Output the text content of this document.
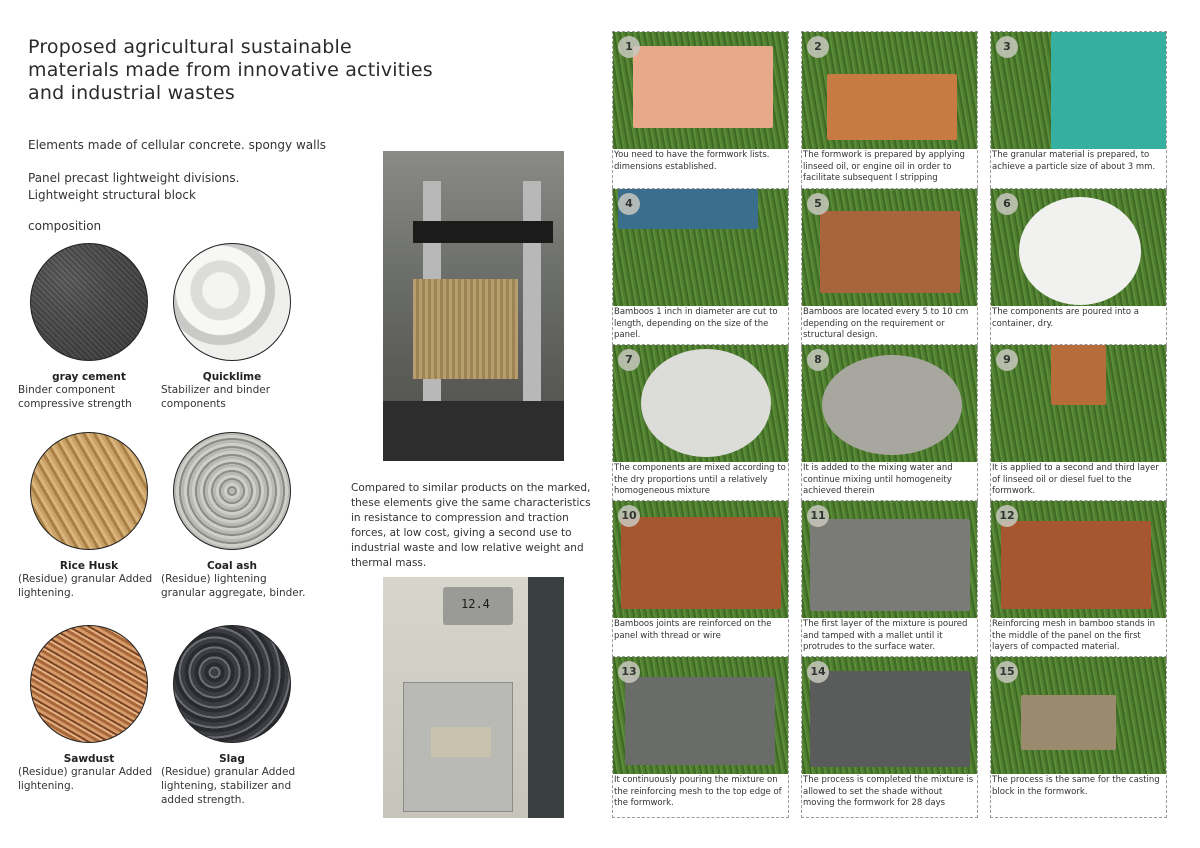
Proposed agricultural sustainable materials made from innovative activities and industrial wastes
Elements made of cellular concrete. spongy walls
Panel precast lightweight divisions.
Lightweight structural block
composition
gray cement
Binder component compressive strength
Quicklime
Stabilizer and binder components
Rice Husk
(Residue) granular Added lightening.
Coal ash
(Residue) lightening granular aggregate, binder.
Sawdust
(Residue) granular Added lightening.
Slag
(Residue) granular Added lightening, stabilizer and added strength.
Compared to similar products on the marked, these elements give the same characteristics in resistance to compression and traction forces, at low cost, giving a second use to industrial waste and low relative weight and thermal mass.
12.4
1
You need to have the formwork lists. dimensions established.
2
The formwork is prepared by applying linseed oil, or engine oil in order to facilitate subsequent l stripping
3
The granular material is prepared, to achieve a particle size of about 3 mm.
4
Bamboos 1 inch in diameter are cut to length, depending on the size of the panel.
5
Bamboos are located every 5 to 10 cm depending on the requirement or structural design.
6
The components are poured into a container, dry.
7
The components are mixed according to the dry proportions until a relatively homogeneous mixture
8
It is added to the mixing water and continue mixing until homogeneity achieved therein
9
It is applied to a second and third layer of linseed oil or diesel fuel to the formwork.
10
Bamboos joints are reinforced on the panel with thread or wire
11
The first layer of the mixture is poured and tamped with a mallet until it protrudes to the surface water.
12
Reinforcing mesh in bamboo stands in the middle of the panel on the first layers of compacted material.
13
It continuously pouring the mixture on the reinforcing mesh to the top edge of the formwork.
14
The process is completed the mixture is allowed to set the shade without moving the formwork for 28 days
15
The process is the same for the casting block in the formwork.
